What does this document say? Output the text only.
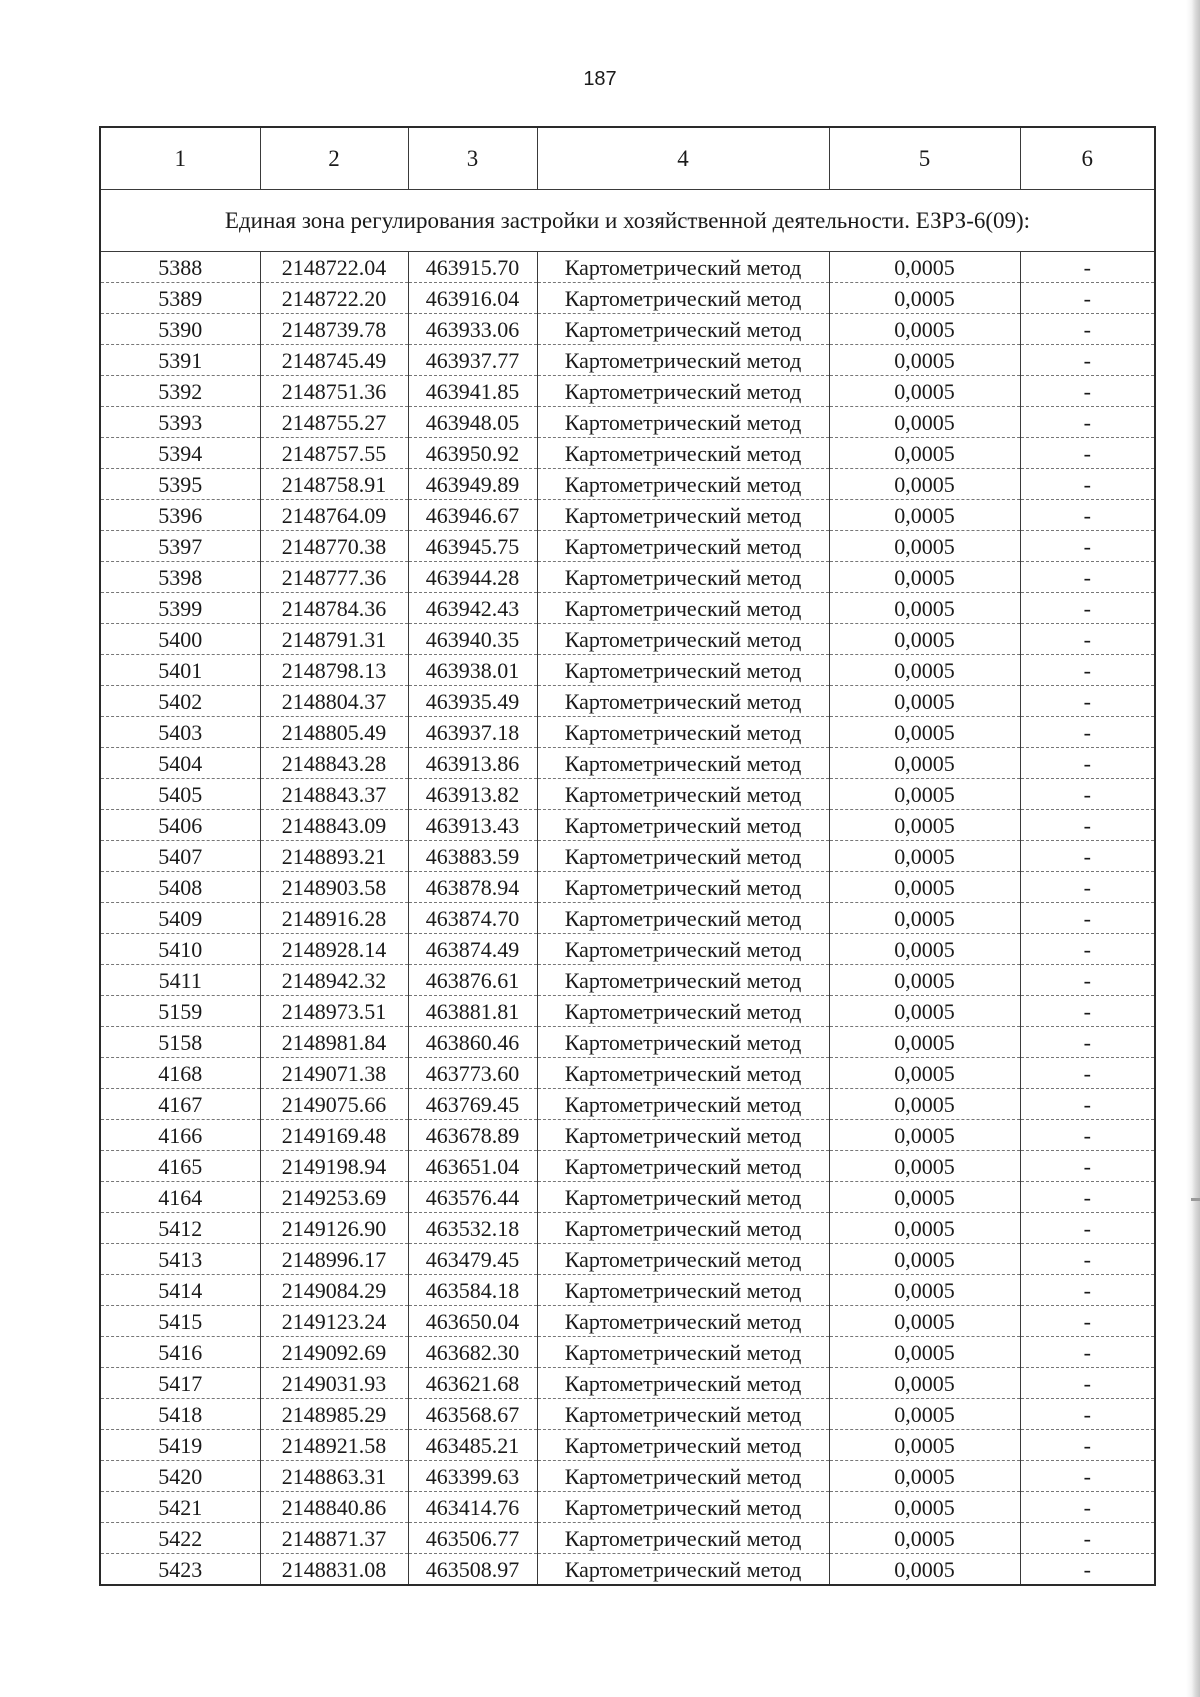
187
1	2	3	4	5	6
Единая зона регулирования застройки и хозяйственной деятельности. ЕЗРЗ-6(09):					
5388	2148722.04	463915.70	Картометрический метод	0,0005	-
5389	2148722.20	463916.04	Картометрический метод	0,0005	-
5390	2148739.78	463933.06	Картометрический метод	0,0005	-
5391	2148745.49	463937.77	Картометрический метод	0,0005	-
5392	2148751.36	463941.85	Картометрический метод	0,0005	-
5393	2148755.27	463948.05	Картометрический метод	0,0005	-
5394	2148757.55	463950.92	Картометрический метод	0,0005	-
5395	2148758.91	463949.89	Картометрический метод	0,0005	-
5396	2148764.09	463946.67	Картометрический метод	0,0005	-
5397	2148770.38	463945.75	Картометрический метод	0,0005	-
5398	2148777.36	463944.28	Картометрический метод	0,0005	-
5399	2148784.36	463942.43	Картометрический метод	0,0005	-
5400	2148791.31	463940.35	Картометрический метод	0,0005	-
5401	2148798.13	463938.01	Картометрический метод	0,0005	-
5402	2148804.37	463935.49	Картометрический метод	0,0005	-
5403	2148805.49	463937.18	Картометрический метод	0,0005	-
5404	2148843.28	463913.86	Картометрический метод	0,0005	-
5405	2148843.37	463913.82	Картометрический метод	0,0005	-
5406	2148843.09	463913.43	Картометрический метод	0,0005	-
5407	2148893.21	463883.59	Картометрический метод	0,0005	-
5408	2148903.58	463878.94	Картометрический метод	0,0005	-
5409	2148916.28	463874.70	Картометрический метод	0,0005	-
5410	2148928.14	463874.49	Картометрический метод	0,0005	-
5411	2148942.32	463876.61	Картометрический метод	0,0005	-
5159	2148973.51	463881.81	Картометрический метод	0,0005	-
5158	2148981.84	463860.46	Картометрический метод	0,0005	-
4168	2149071.38	463773.60	Картометрический метод	0,0005	-
4167	2149075.66	463769.45	Картометрический метод	0,0005	-
4166	2149169.48	463678.89	Картометрический метод	0,0005	-
4165	2149198.94	463651.04	Картометрический метод	0,0005	-
4164	2149253.69	463576.44	Картометрический метод	0,0005	-
5412	2149126.90	463532.18	Картометрический метод	0,0005	-
5413	2148996.17	463479.45	Картометрический метод	0,0005	-
5414	2149084.29	463584.18	Картометрический метод	0,0005	-
5415	2149123.24	463650.04	Картометрический метод	0,0005	-
5416	2149092.69	463682.30	Картометрический метод	0,0005	-
5417	2149031.93	463621.68	Картометрический метод	0,0005	-
5418	2148985.29	463568.67	Картометрический метод	0,0005	-
5419	2148921.58	463485.21	Картометрический метод	0,0005	-
5420	2148863.31	463399.63	Картометрический метод	0,0005	-
5421	2148840.86	463414.76	Картометрический метод	0,0005	-
5422	2148871.37	463506.77	Картометрический метод	0,0005	-
5423	2148831.08	463508.97	Картометрический метод	0,0005	-
